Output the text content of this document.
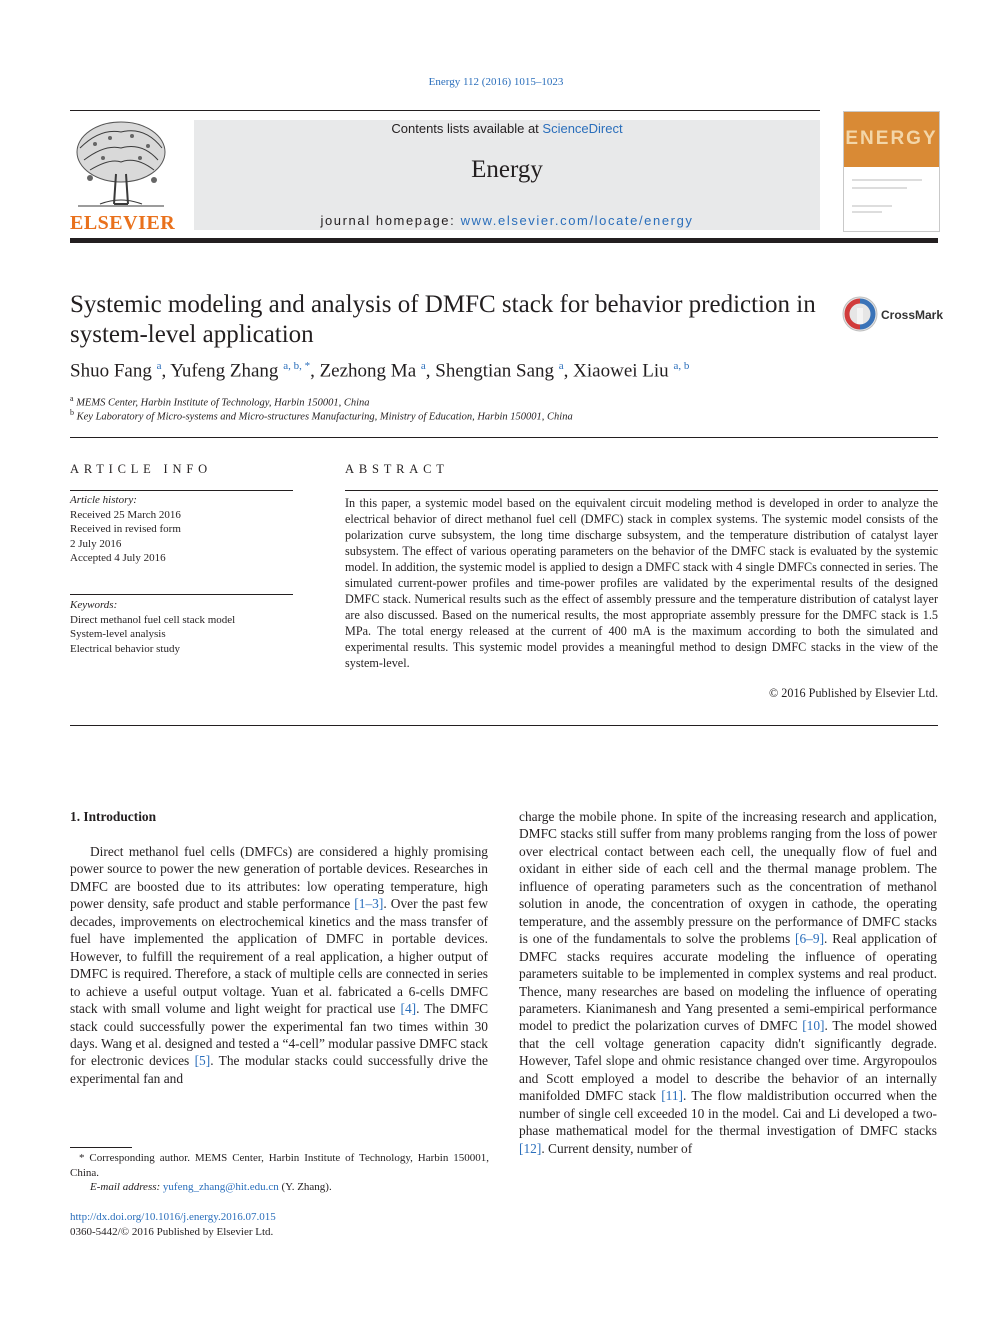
Energy 112 (2016) 1015–1023
ELSEVIER
Contents lists available at ScienceDirect
Energy
journal homepage: www.elsevier.com/locate/energy
ENERGY
Systemic modeling and analysis of DMFC stack for behavior prediction in system-level application
CrossMark
Shuo Fang $^a$, Yufeng Zhang $^{a, b, *}$, Zezhong Ma $^a$, Shengtian Sang $^a$, Xiaowei Liu $^{a, b}$
$^a$ MEMS Center, Harbin Institute of Technology, Harbin 150001, China
$^b$ Key Laboratory of Micro-systems and Micro-structures Manufacturing, Ministry of Education, Harbin 150001, China
ARTICLE INFO
Article history:
Received 25 March 2016
Received in revised form
2 July 2016
Accepted 4 July 2016
Keywords:
Direct methanol fuel cell stack model
System-level analysis
Electrical behavior study
ABSTRACT
In this paper, a systemic model based on the equivalent circuit modeling method is developed in order to analyze the electrical behavior of direct methanol fuel cell (DMFC) stack in complex systems. The systemic model consists of the polarization curve subsystem, the long time discharge subsystem, and the temperature distribution of catalyst layer subsystem. The effect of various operating parameters on the behavior of the DMFC stack is evaluated by the systemic model. In addition, the systemic model is applied to design a DMFC stack with 4 single DMFCs connected in series. The simulated current-power profiles and time-power profiles are validated by the experimental results of the designed DMFC stack. Numerical results such as the effect of assembly pressure and the temperature distribution of catalyst layer are also discussed. Based on the numerical results, the most appropriate assembly pressure for the DMFC stack is 1.5 MPa. The total energy released at the current of 400 mA is the maximum according to both the simulated and experimental results. This systemic model provides a meaningful method to design DMFC stacks in the view of the system-level.
© 2016 Published by Elsevier Ltd.
1. Introduction

Direct methanol fuel cells (DMFCs) are considered a highly promising power source to power the new generation of portable devices. Researches in DMFC are boosted due to its attributes: low operating temperature, high power density, safe product and stable performance [1–3]. Over the past few decades, improvements on electrochemical kinetics and the mass transfer of fuel have implemented the application of DMFC in portable devices. However, to fulfill the requirement of a real application, a higher output of DMFC is required. Therefore, a stack of multiple cells are connected in series to achieve a useful output voltage. Yuan et al. fabricated a 6-cells DMFC stack with small volume and light weight for practical use [4]. The DMFC stack could successfully power the experimental fan two times within 30 days. Wang et al. designed and tested a “4-cell” modular passive DMFC stack for electronic devices [5]. The modular stacks could successfully drive the experimental fan and

charge the mobile phone. In spite of the increasing research and application, DMFC stacks still suffer from many problems ranging from the loss of power over electrical contact between each cell, the unequally flow of fuel and oxidant in either side of each cell and the thermal manage problem. The influence of operating parameters such as the concentration of methanol solution in anode, the concentration of oxygen in cathode, the operating temperature, and the assembly pressure on the performance of DMFC stacks is one of the fundamentals to solve the problems [6–9]. Real application of DMFC stacks requires accurate modeling the influence of operating parameters suitable to be implemented in complex systems and real product. Thence, many researches are based on modeling the influence of operating parameters. Kianimanesh and Yang presented a semi-empirical performance model to predict the polarization curves of DMFC [10]. The model showed that the cell voltage generation capacity didn't significantly degrade. However, Tafel slope and ohmic resistance changed over time. Argyropoulos and Scott employed a model to describe the behavior of an internally manifolded DMFC stack [11]. The flow maldistribution occurred when the number of single cell exceeded 10 in the model. Cai and Li developed a two-phase mathematical model for the thermal investigation of DMFC stacks [12]. Current density, number of

* Corresponding author. MEMS Center, Harbin Institute of Technology, Harbin 150001, China.

E-mail address: yufeng_zhang@hit.edu.cn (Y. Zhang).

http://dx.doi.org/10.1016/j.energy.2016.07.015
0360-5442/© 2016 Published by Elsevier Ltd.
